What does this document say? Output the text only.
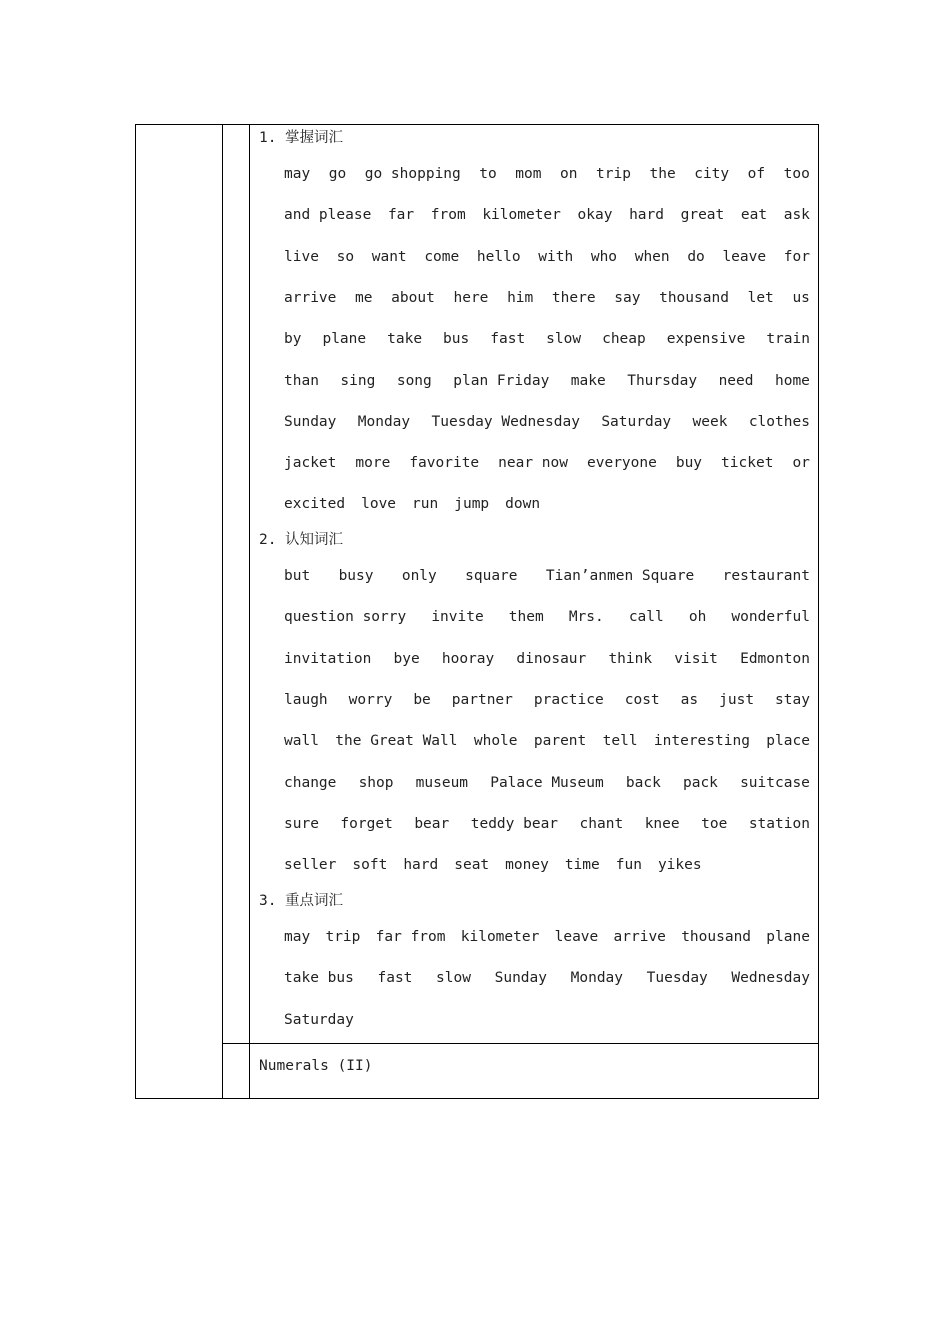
1. 掌握词汇
may go go shopping to mom on trip the city of too
and please far from kilometer okay hard great eat ask
live so want come hello with who when do leave for
arrive me about here him there say thousand let us
by plane take bus fast slow cheap expensive train
than sing song plan Friday make Thursday need home
Sunday Monday Tuesday Wednesday Saturday week clothes
jacket more favorite near now everyone buy ticket or
excited love run jump down
2. 认知词汇
but busy only square Tian’anmen Square restaurant
question sorry invite them Mrs. call oh wonderful
invitation bye hooray dinosaur think visit Edmonton
laugh worry be partner practice cost as just stay
wall the Great Wall whole parent tell interesting place
change shop museum Palace Museum back pack suitcase
sure forget bear teddy bear chant knee toe station
seller soft hard seat money time fun yikes
3. 重点词汇
may trip far from kilometer leave arrive thousand plane
take bus fast slow Sunday Monday Tuesday Wednesday
Saturday
Numerals (II)
